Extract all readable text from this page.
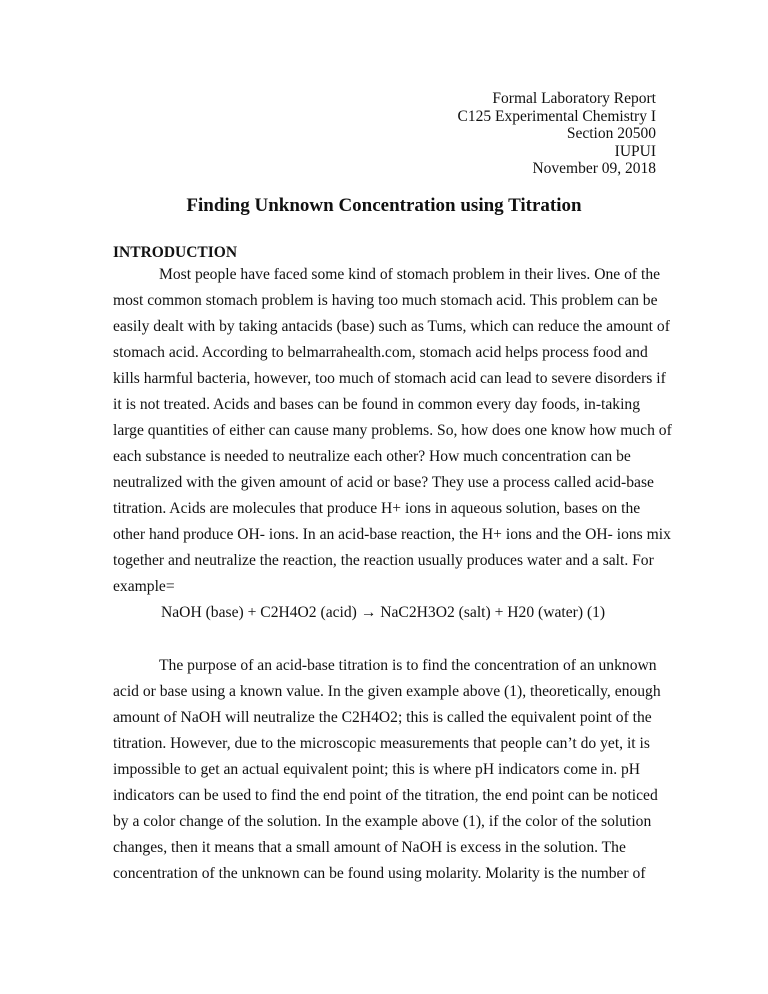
Formal Laboratory Report
C125 Experimental Chemistry I
Section 20500
IUPUI
November 09, 2018
Finding Unknown Concentration using Titration
INTRODUCTION
Most people have faced some kind of stomach problem in their lives. One of the
most common stomach problem is having too much stomach acid. This problem can be
easily dealt with by taking antacids (base) such as Tums, which can reduce the amount of
stomach acid. According to belmarrahealth.com, stomach acid helps process food and
kills harmful bacteria, however, too much of stomach acid can lead to severe disorders if
it is not treated. Acids and bases can be found in common every day foods, in-taking
large quantities of either can cause many problems. So, how does one know how much of
each substance is needed to neutralize each other? How much concentration can be
neutralized with the given amount of acid or base? They use a process called acid-base
titration. Acids are molecules that produce H+ ions in aqueous solution, bases on the
other hand produce OH- ions. In an acid-base reaction, the H+ ions and the OH- ions mix
together and neutralize the reaction, the reaction usually produces water and a salt. For
example=
NaOH (base) + C2H4O2 (acid) → NaC2H3O2 (salt) + H20 (water) (1)
The purpose of an acid-base titration is to find the concentration of an unknown
acid or base using a known value. In the given example above (1), theoretically, enough
amount of NaOH will neutralize the C2H4O2; this is called the equivalent point of the
titration. However, due to the microscopic measurements that people can’t do yet, it is
impossible to get an actual equivalent point; this is where pH indicators come in. pH
indicators can be used to find the end point of the titration, the end point can be noticed
by a color change of the solution. In the example above (1), if the color of the solution
changes, then it means that a small amount of NaOH is excess in the solution. The
concentration of the unknown can be found using molarity. Molarity is the number of
